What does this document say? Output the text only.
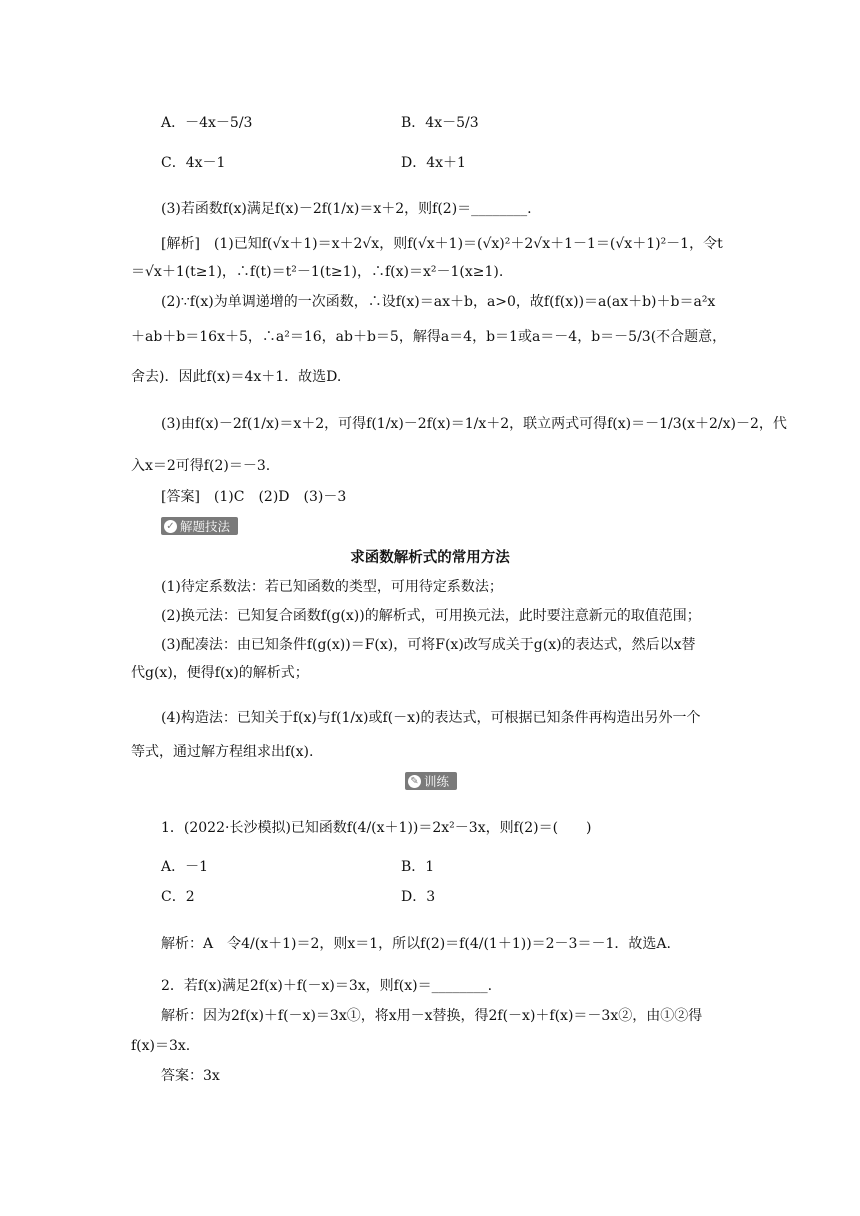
A．－4x－5/3	B．4x－5/3
C．4x－1	D．4x＋1
(3)若函数f(x)满足f(x)－2f(1/x)＝x＋2，则f(2)＝________.
[解析]　(1)已知f(√x＋1)＝x＋2√x，则f(√x＋1)＝(√x)²＋2√x＋1－1＝(√x＋1)²－1，令t
＝√x＋1(t≥1)，∴f(t)＝t²－1(t≥1)，∴f(x)＝x²－1(x≥1).
(2)∵f(x)为单调递增的一次函数，∴设f(x)＝ax＋b，a>0，故f(f(x))＝a(ax＋b)＋b＝a²x
＋ab＋b＝16x＋5，∴a²＝16，ab＋b＝5，解得a＝4，b＝1或a＝－4，b＝－5/3(不合题意，
舍去)．因此f(x)＝4x＋1．故选D.
(3)由f(x)－2f(1/x)＝x＋2，可得f(1/x)－2f(x)＝1/x＋2，联立两式可得f(x)＝－1/3(x＋2/x)－2，代
入x＝2可得f(2)＝－3.
[答案]　(1)C　(2)D　(3)－3
(1)待定系数法：若已知函数的类型，可用待定系数法；
(2)换元法：已知复合函数f(g(x))的解析式，可用换元法，此时要注意新元的取值范围；
(3)配凑法：由已知条件f(g(x))＝F(x)，可将F(x)改写成关于g(x)的表达式，然后以x替
代g(x)，便得f(x)的解析式；
(4)构造法：已知关于f(x)与f(1/x)或f(－x)的表达式，可根据已知条件再构造出另外一个
等式，通过解方程组求出f(x).
1．(2022·长沙模拟)已知函数f(4/(x＋1))＝2x²－3x，则f(2)＝(　　)
A．－1	B．1
C．2	D．3
解析：A　令4/(x＋1)＝2，则x＝1，所以f(2)＝f(4/(1＋1))＝2－3＝－1．故选A.
2．若f(x)满足2f(x)＋f(－x)＝3x，则f(x)＝________.
解析：因为2f(x)＋f(－x)＝3x①，将x用－x替换，得2f(－x)＋f(x)＝－3x②，由①②得
f(x)＝3x.
答案：3x
✓ 解题技法
求函数解析式的常用方法
✎ 训练
